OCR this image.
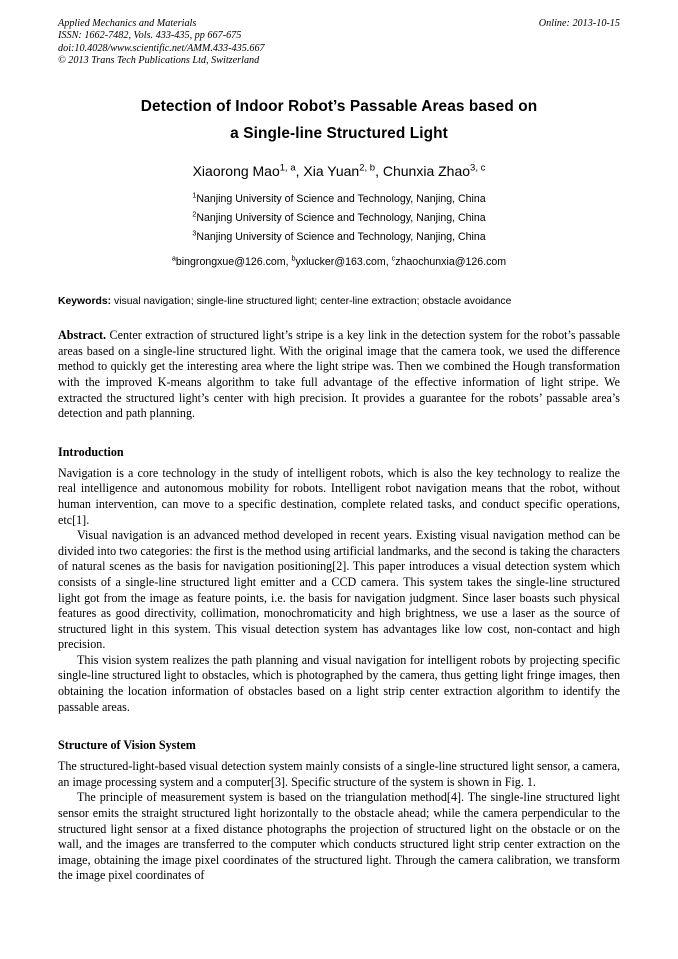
Online: 2013-10-15
Applied Mechanics and Materials
ISSN: 1662-7482, Vols. 433-435, pp 667-675
doi:10.4028/www.scientific.net/AMM.433-435.667
© 2013 Trans Tech Publications Ltd, Switzerland
Detection of Indoor Robot’s Passable Areas based on
a Single-line Structured Light
Xiaorong Mao$^{1, a}$, Xia Yuan$^{2, b}$, Chunxia Zhao$^{3, c}$
$^1$Nanjing University of Science and Technology, Nanjing, China
$^2$Nanjing University of Science and Technology, Nanjing, China
$^3$Nanjing University of Science and Technology, Nanjing, China
$^a$bingrongxue@126.com, $^b$yxlucker@163.com, $^c$zhaochunxia@126.com
Keywords: visual navigation; single-line structured light; center-line extraction; obstacle avoidance
Abstract. Center extraction of structured light’s stripe is a key link in the detection system for the robot’s passable areas based on a single-line structured light. With the original image that the camera took, we used the difference method to quickly get the interesting area where the light stripe was. Then we combined the Hough transformation with the improved K-means algorithm to take full advantage of the effective information of light stripe. We extracted the structured light’s center with high precision. It provides a guarantee for the robots’ passable area’s detection and path planning.
Introduction

Navigation is a core technology in the study of intelligent robots, which is also the key technology to realize the real intelligence and autonomous mobility for robots. Intelligent robot navigation means that the robot, without human intervention, can move to a specific destination, complete related tasks, and conduct specific operations, etc[1].

Visual navigation is an advanced method developed in recent years. Existing visual navigation method can be divided into two categories: the first is the method using artificial landmarks, and the second is taking the characters of natural scenes as the basis for navigation positioning[2]. This paper introduces a visual detection system which consists of a single-line structured light emitter and a CCD camera. This system takes the single-line structured light got from the image as feature points, i.e. the basis for navigation judgment. Since laser boasts such physical features as good directivity, collimation, monochromaticity and high brightness, we use a laser as the source of structured light in this system. This visual detection system has advantages like low cost, non-contact and high precision.

This vision system realizes the path planning and visual navigation for intelligent robots by projecting specific single-line structured light to obstacles, which is photographed by the camera, thus getting light fringe images, then obtaining the location information of obstacles based on a light strip center extraction algorithm to identify the passable areas.

Structure of Vision System

The structured-light-based visual detection system mainly consists of a single-line structured light sensor, a camera, an image processing system and a computer[3]. Specific structure of the system is shown in Fig. 1.

The principle of measurement system is based on the triangulation method[4]. The single-line structured light sensor emits the straight structured light horizontally to the obstacle ahead; while the camera perpendicular to the structured light sensor at a fixed distance photographs the projection of structured light on the obstacle or on the wall, and the images are transferred to the computer which conducts structured light strip center extraction on the image, obtaining the image pixel coordinates of the structured light. Through the camera calibration, we transform the image pixel coordinates of
